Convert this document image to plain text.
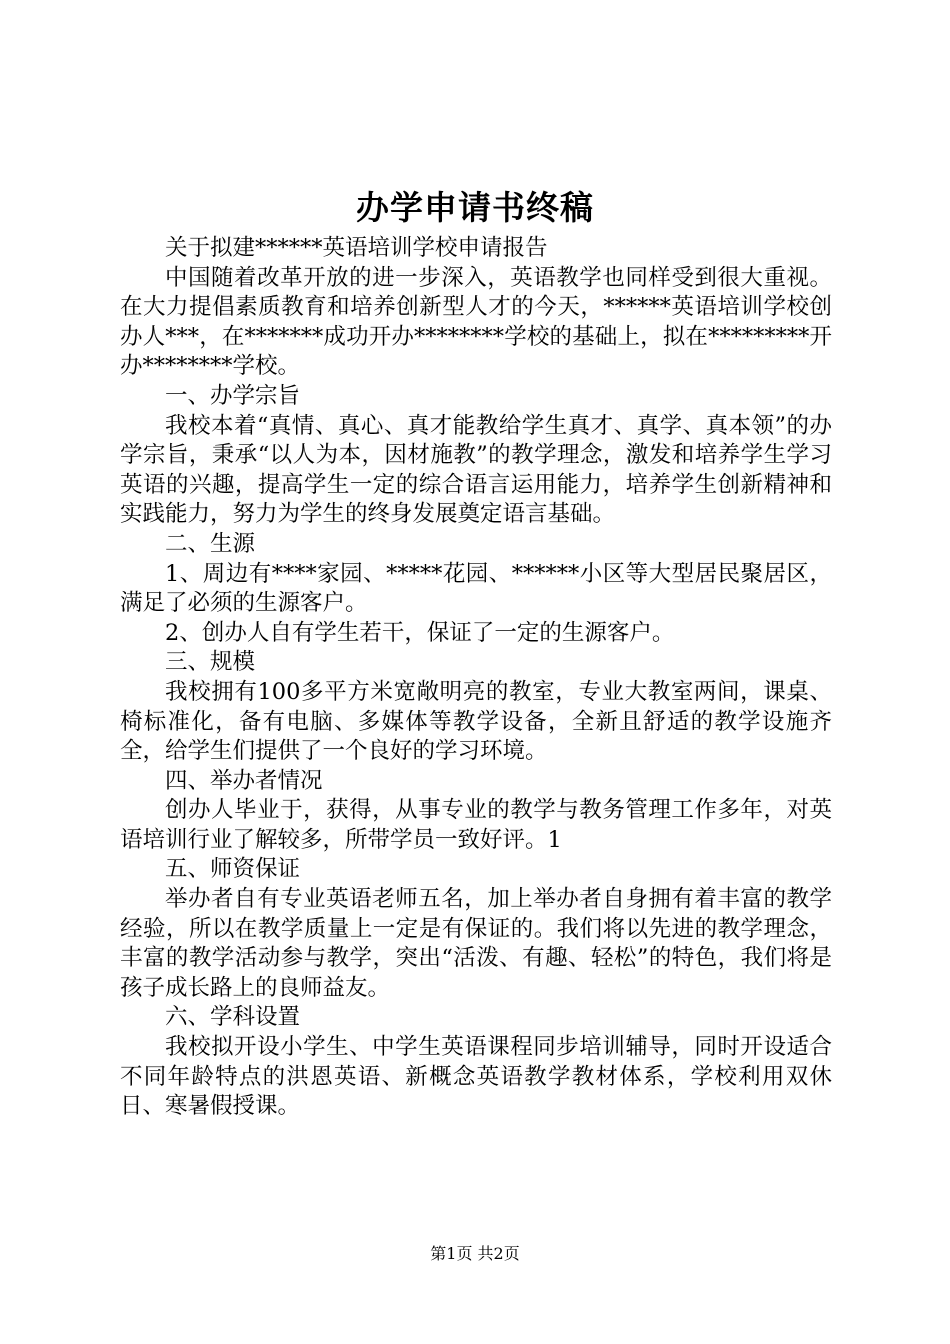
办学申请书终稿

关于拟建******英语培训学校申请报告

中国随着改革开放的进一步深入，英语教学也同样受到很大重视。在大力提倡素质教育和培养创新型人才的今天，******英语培训学校创办人***，在*******成功开办********学校的基础上，拟在*********开办********学校。

一、办学宗旨

我校本着“真情、真心、真才能教给学生真才、真学、真本领”的办学宗旨，秉承“以人为本，因材施教”的教学理念，激发和培养学生学习英语的兴趣，提高学生一定的综合语言运用能力，培养学生创新精神和实践能力，努力为学生的终身发展奠定语言基础。

二、生源

1、周边有****家园、*****花园、******小区等大型居民聚居区，满足了必须的生源客户。

2、创办人自有学生若干，保证了一定的生源客户。

三、规模

我校拥有100多平方米宽敞明亮的教室，专业大教室两间，课桌、椅标准化，备有电脑、多媒体等教学设备，全新且舒适的教学设施齐全，给学生们提供了一个良好的学习环境。

四、举办者情况

创办人毕业于，获得，从事专业的教学与教务管理工作多年，对英语培训行业了解较多，所带学员一致好评。1

五、师资保证

举办者自有专业英语老师五名，加上举办者自身拥有着丰富的教学经验，所以在教学质量上一定是有保证的。我们将以先进的教学理念，丰富的教学活动参与教学，突出“活泼、有趣、轻松”的特色，我们将是孩子成长路上的良师益友。

六、学科设置

我校拟开设小学生、中学生英语课程同步培训辅导，同时开设适合不同年龄特点的洪恩英语、新概念英语教学教材体系，学校利用双休日、寒暑假授课。

第1页 共2页
